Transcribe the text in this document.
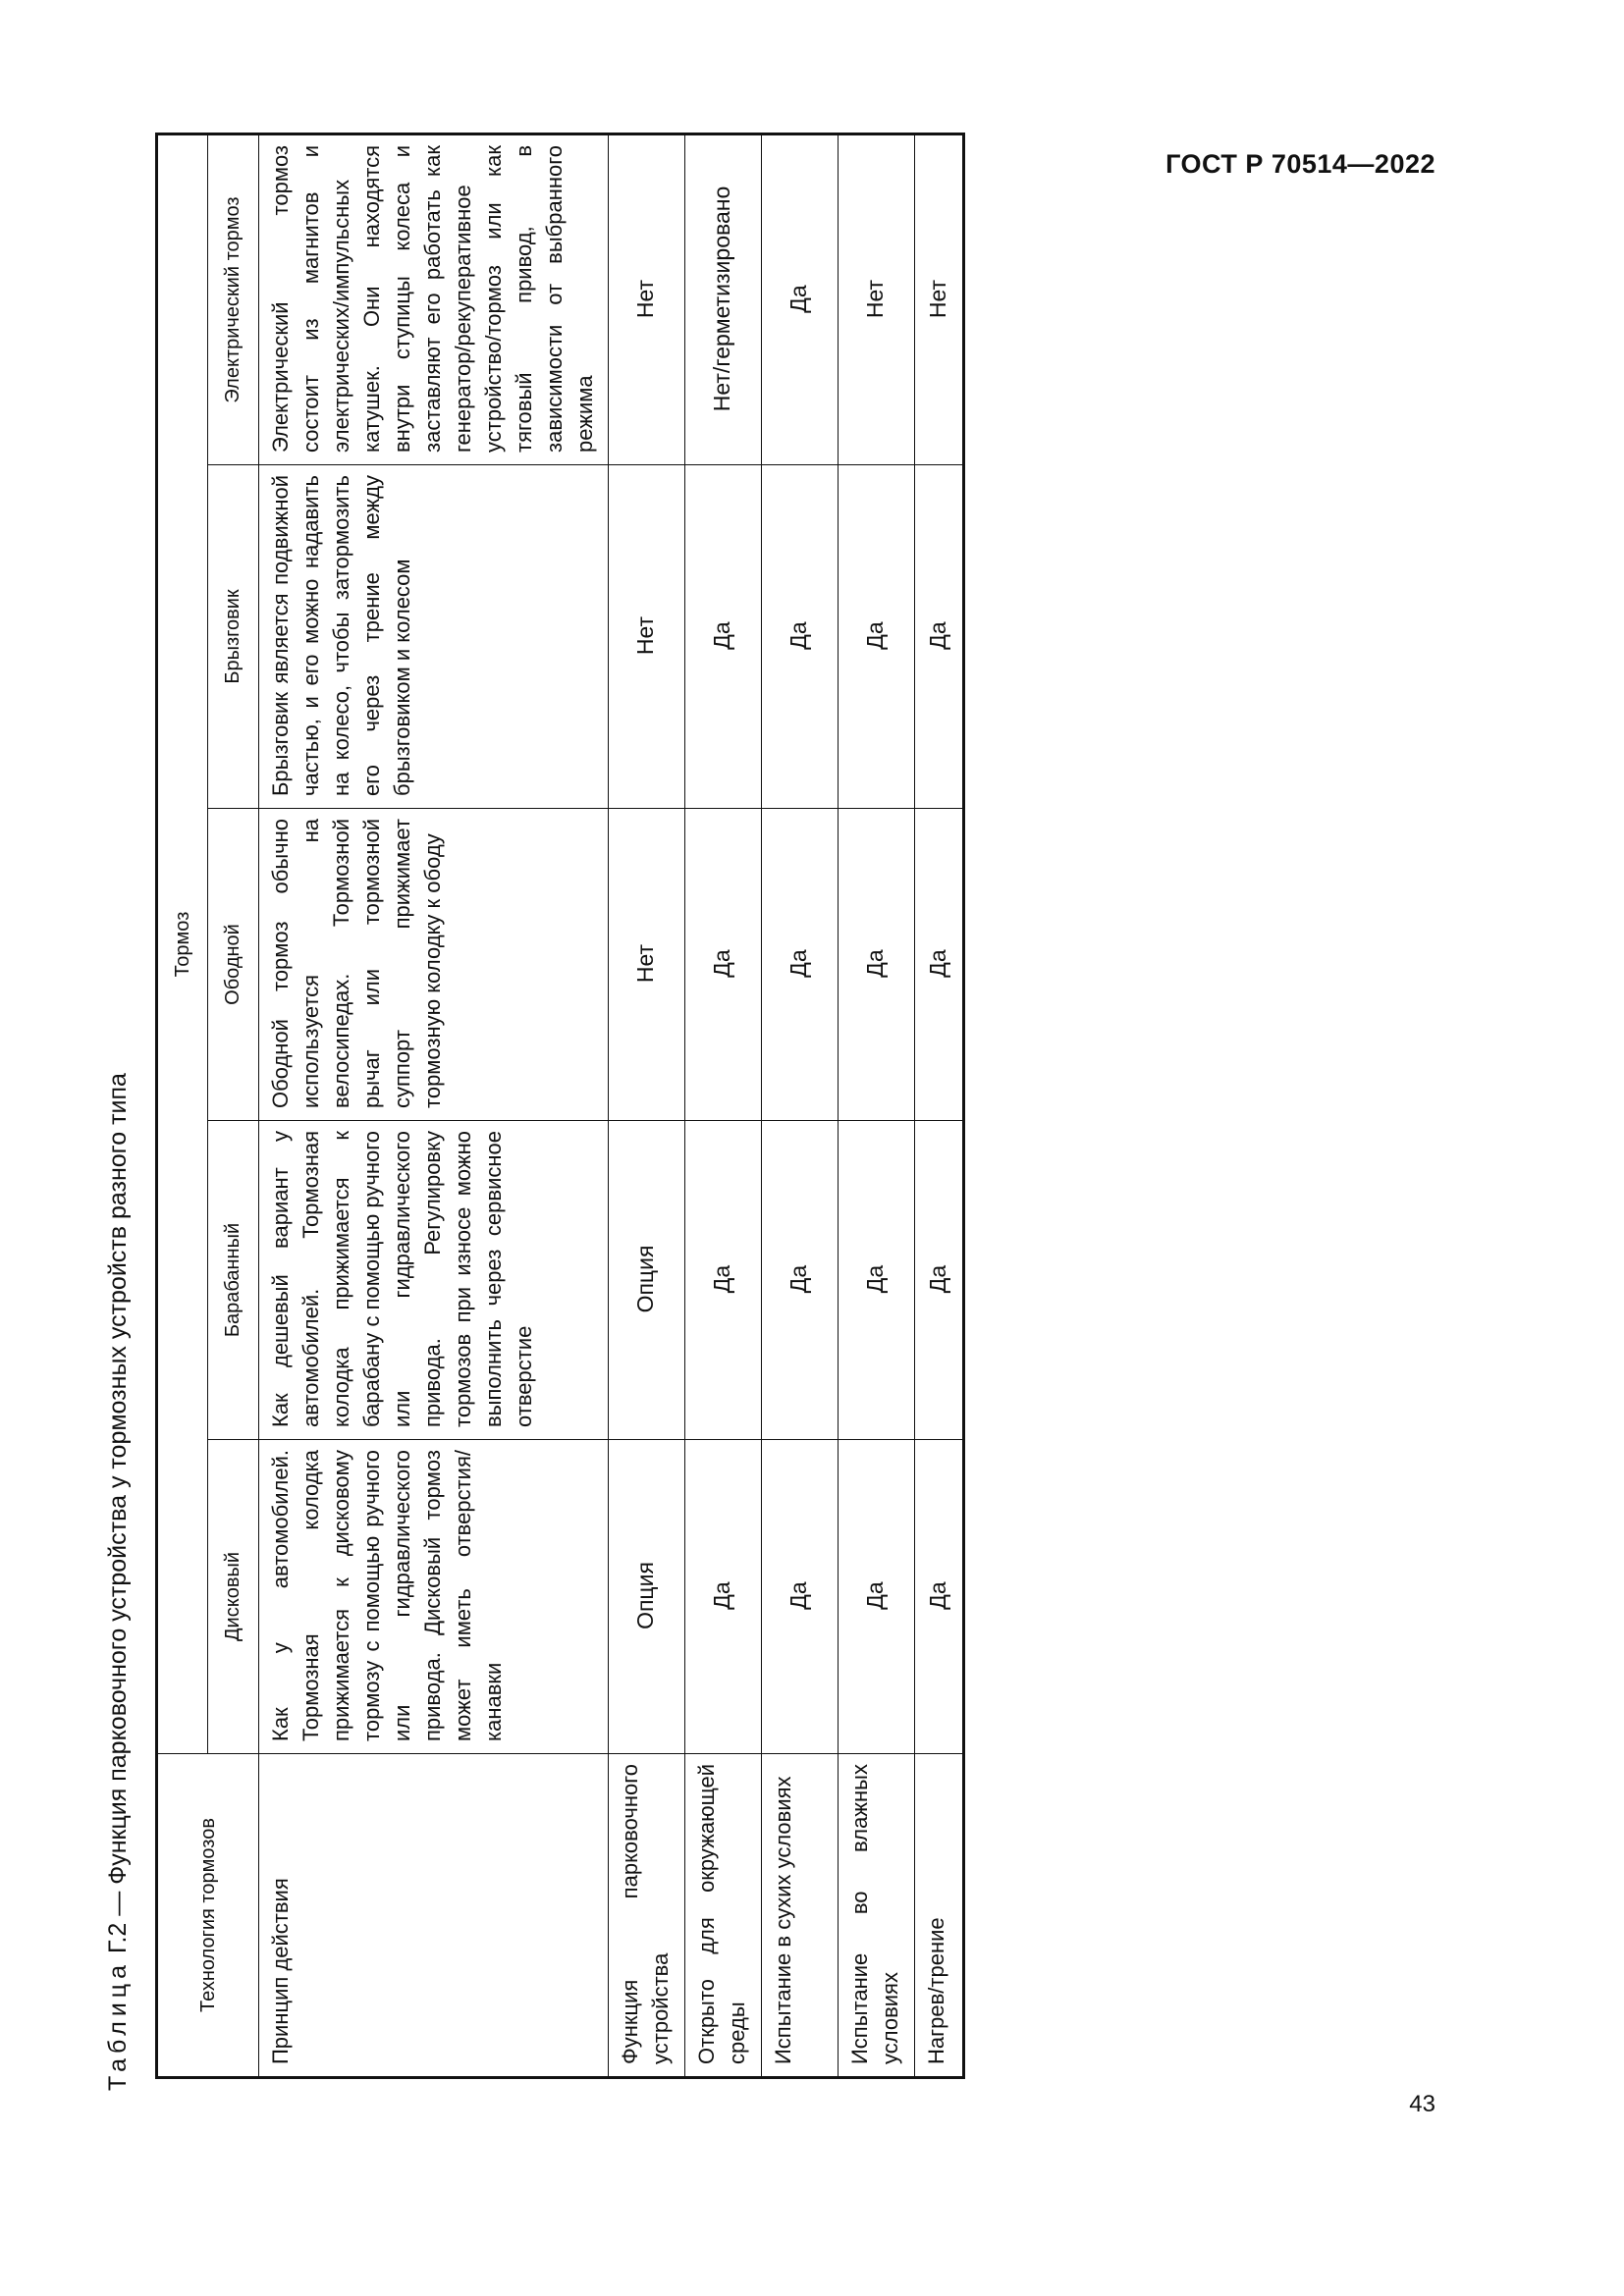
ГОСТ Р 70514—2022
Таблица Г.2 — Функция парковочного устройства у тормозных устройств разного типа	Технология тормозов	Тормоз				
	Дисковый	Барабанный	Ободной	Брызговик	Электрический тормоз
Принцип действия	Как у автомобилей. Тормозная колодка прижимается к дисковому тормозу с помощью ручного или гидравлического привода. Дисковый тормоз может иметь отверстия/канавки	Как дешевый вариант у автомобилей. Тормозная колодка прижимается к барабану с помощью ручного или гидравлического привода. Регулировку тормозов при износе можно выполнить через сервисное отверстие	Ободной тормоз обычно используется на велосипедах. Тормозной рычаг или тормозной суппорт прижимает тормозную колодку к ободу	Брызговик является подвижной частью, и его можно надавить на колесо, чтобы затормозить его через трение между брызговиком и колесом	Электрический тормоз состоит из магнитов и электрических/импульсных катушек. Они находятся внутри ступицы колеса и заставляют его работать как генератор/рекуперативное устройство/тормоз или как тяговый привод, в зависимости от выбранного режима
Функция парковочного устройства	Опция	Опция	Нет	Нет	Нет
Открыто для окружающей среды	Да	Да	Да	Да	Нет/герметизировано
Испытание в сухих условиях	Да	Да	Да	Да	Да
Испытание во влажных условиях	Да	Да	Да	Да	Нет
Нагрев/трение	Да	Да	Да	Да	Нет
43
